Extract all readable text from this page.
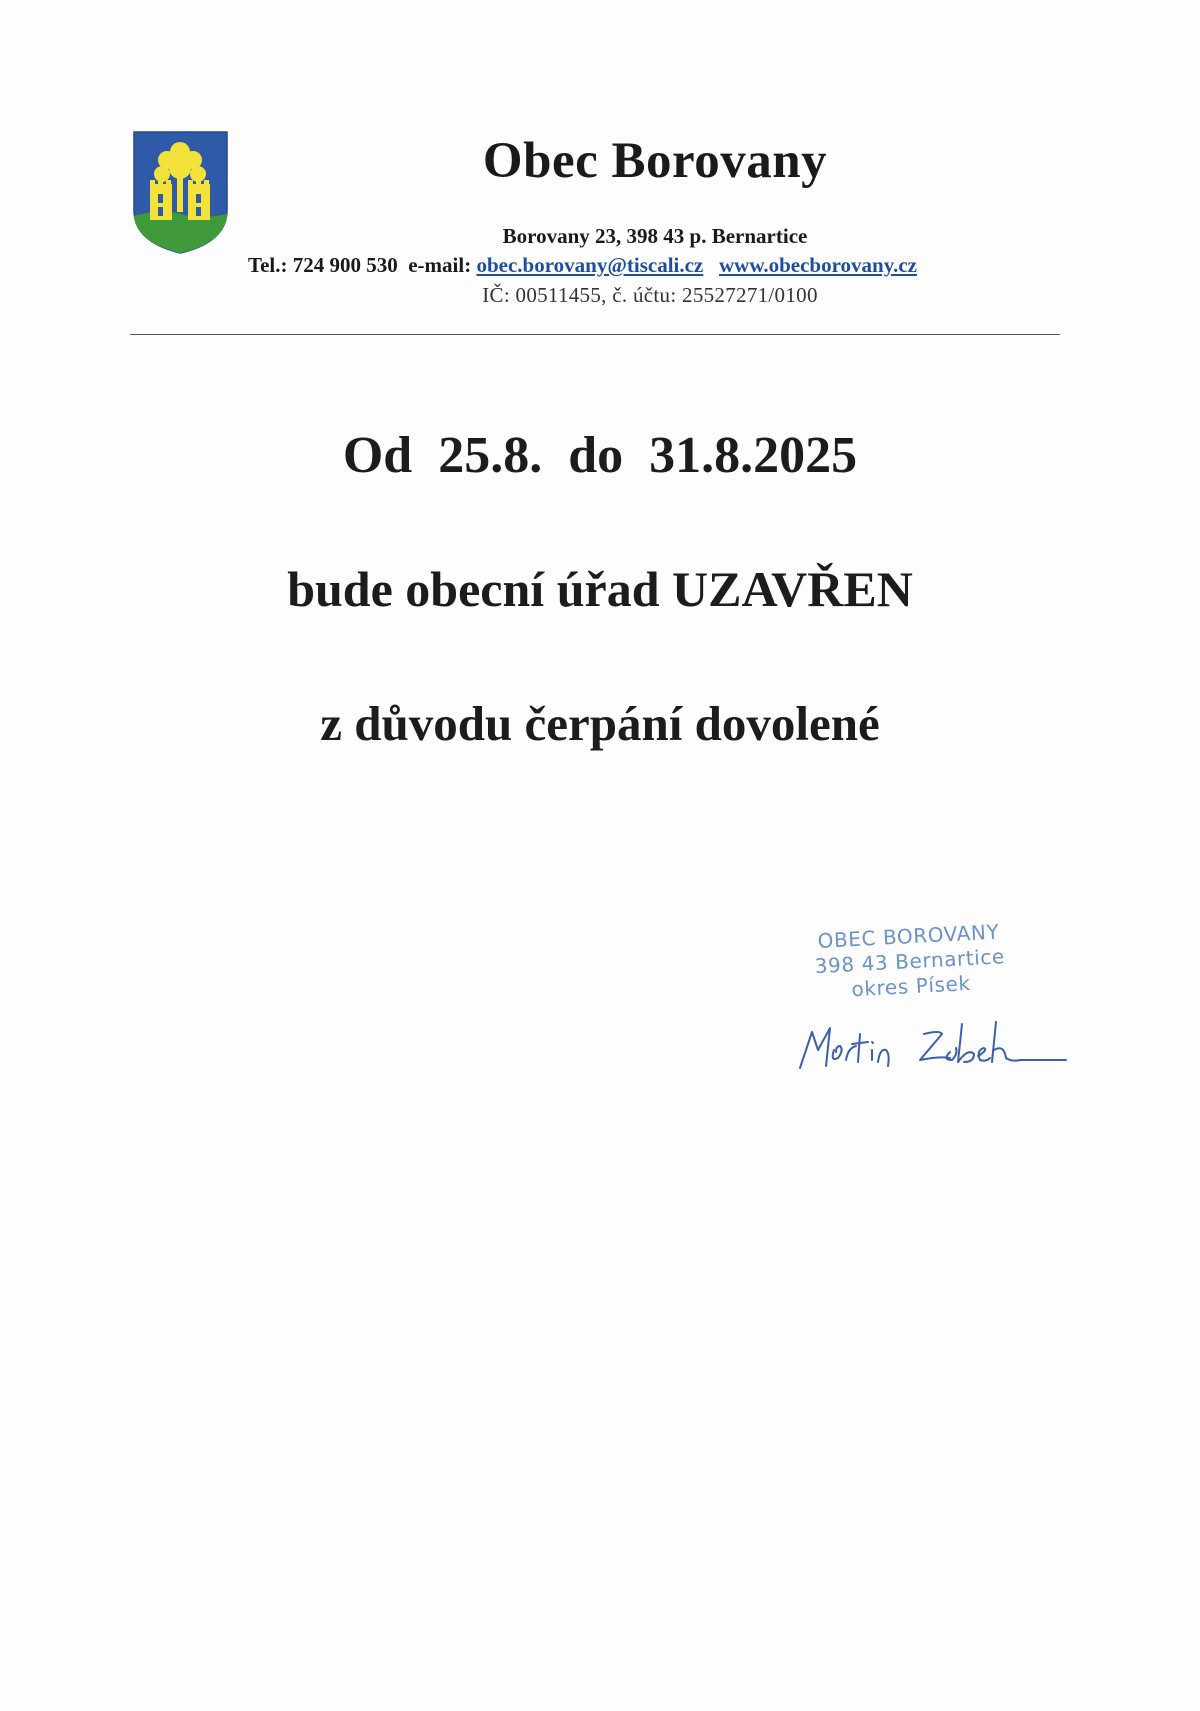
Obec Borovany
Borovany 23, 398 43 p. Bernartice
Tel.: 724 900 530 e-mail: obec.borovany@tiscali.cz www.obecborovany.cz
IČ: 00511455, č. účtu: 25527271/0100
Od  25.8.  do  31.8.2025
bude obecní úřad UZAVŘEN
z důvodu čerpání dovolené
OBEC BOROVANY
398 43 Bernartice
okres Písek
